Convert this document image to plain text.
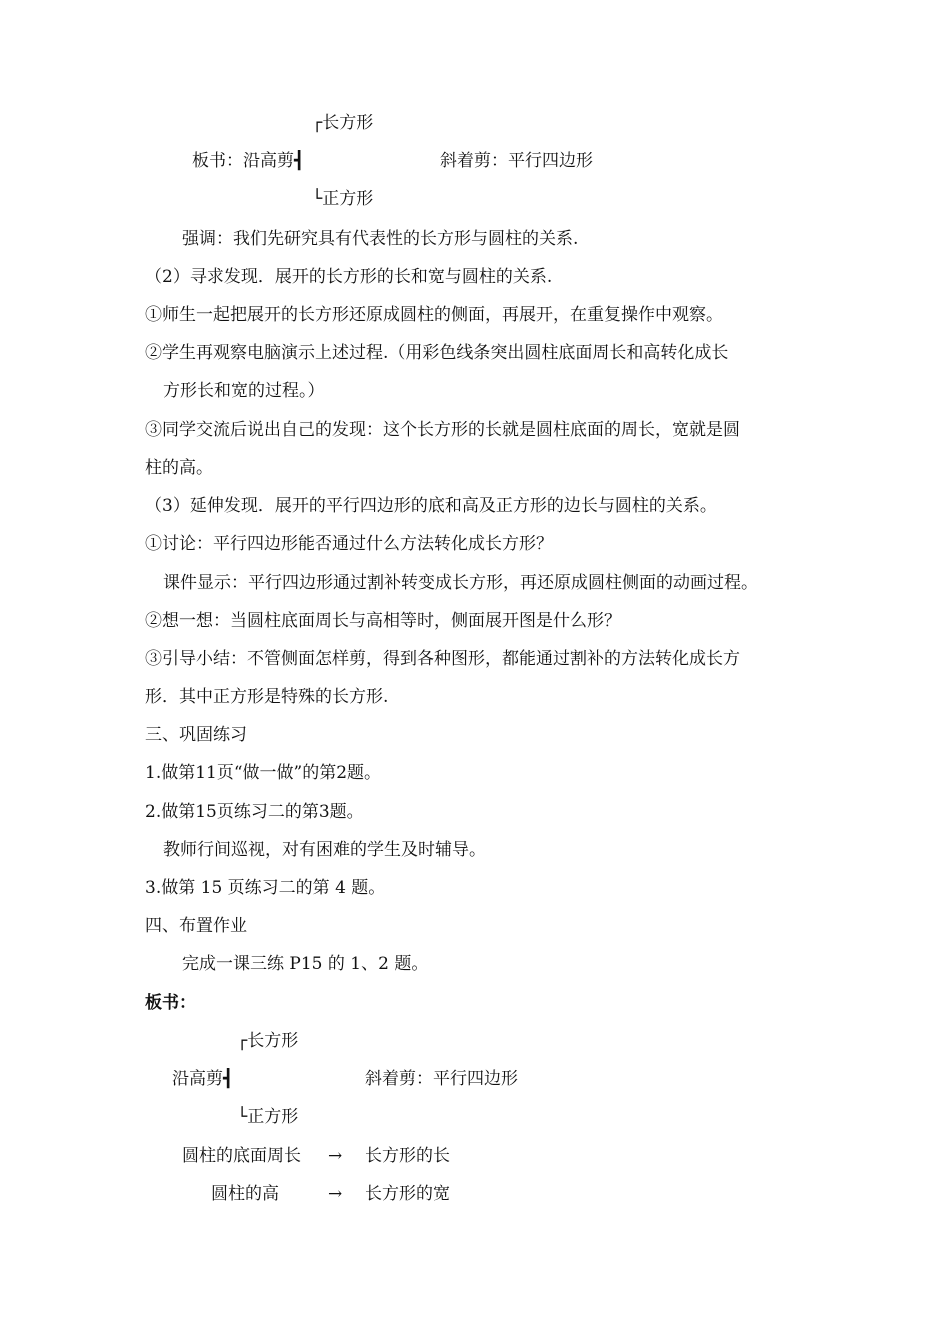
┌长方形
板书：沿高剪┫	斜着剪：平行四边形
└正方形
强调：我们先研究具有代表性的长方形与圆柱的关系.
（2）寻求发现．展开的长方形的长和宽与圆柱的关系.
①师生一起把展开的长方形还原成圆柱的侧面，再展开，在重复操作中观察。
②学生再观察电脑演示上述过程.（用彩色线条突出圆柱底面周长和高转化成长
方形长和宽的过程。）
③同学交流后说出自己的发现：这个长方形的长就是圆柱底面的周长，宽就是圆
柱的高。
（3）延伸发现．展开的平行四边形的底和高及正方形的边长与圆柱的关系。
①讨论：平行四边形能否通过什么方法转化成长方形？
课件显示：平行四边形通过割补转变成长方形，再还原成圆柱侧面的动画过程。
②想一想：当圆柱底面周长与高相等时，侧面展开图是什么形？
③引导小结：不管侧面怎样剪，得到各种图形，都能通过割补的方法转化成长方
形．其中正方形是特殊的长方形.
三、巩固练习
1.做第11页“做一做”的第2题。
2.做第15页练习二的第3题。
教师行间巡视，对有困难的学生及时辅导。
3.做第 15 页练习二的第 4 题。
四、布置作业
完成一课三练 P15 的 1、2 题。
板书：
┌长方形
沿高剪┫	斜着剪：平行四边形
└正方形
圆柱的底面周长 → 长方形的长
圆柱的高	→ 长方形的宽
